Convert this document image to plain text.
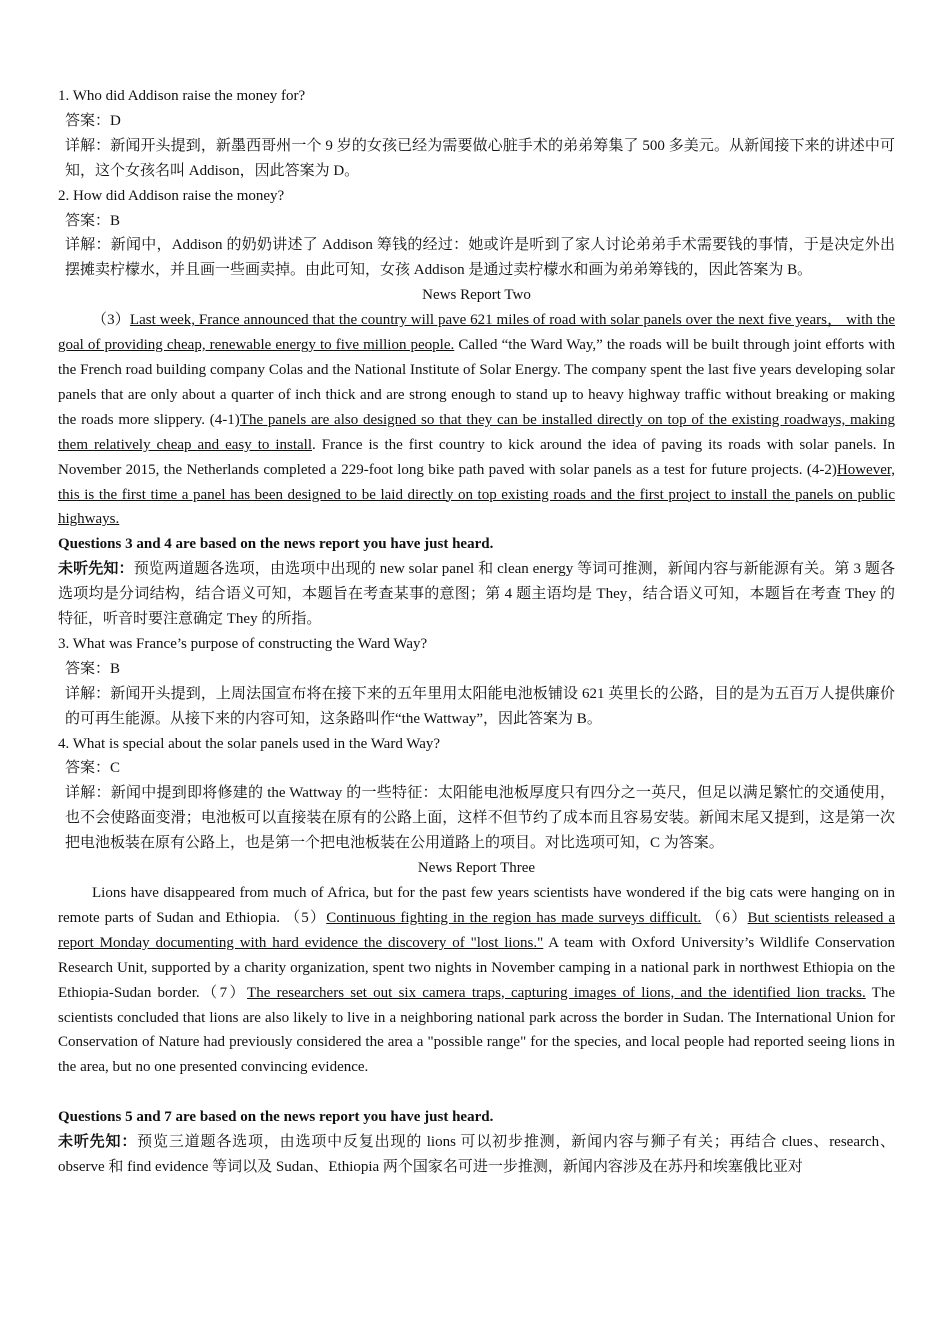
1. Who did Addison raise the money for?
答案：D
详解：新闻开头提到，新墨西哥州一个 9 岁的女孩已经为需要做心脏手术的弟弟筹集了 500 多美元。从新闻接下来的讲述中可知，这个女孩名叫 Addison，因此答案为 D。
2. How did Addison raise the money?
答案：B
详解：新闻中，Addison 的奶奶讲述了 Addison 筹钱的经过：她或许是听到了家人讨论弟弟手术需要钱的事情，于是决定外出摆摊卖柠檬水，并且画一些画卖掉。由此可知，女孩 Addison 是通过卖柠檬水和画为弟弟筹钱的，因此答案为 B。
News Report Two
（3）Last week, France announced that the country will pave 621 miles of road with solar panels over the next five years， with the goal of providing cheap, renewable energy to five million people. Called “the Ward Way,” the roads will be built through joint efforts with the French road building company Colas and the National Institute of Solar Energy. The company spent the last five years developing solar panels that are only about a quarter of inch thick and are strong enough to stand up to heavy highway traffic without breaking or making the roads more slippery. (4-1)The panels are also designed so that they can be installed directly on top of the existing roadways, making them relatively cheap and easy to install. France is the first country to kick around the idea of paving its roads with solar panels. In November 2015, the Netherlands completed a 229-foot long bike path paved with solar panels as a test for future projects. (4-2)However, this is the first time a panel has been designed to be laid directly on top existing roads and the first project to install the panels on public highways.
Questions 3 and 4 are based on the news report you have just heard.
未听先知：预览两道题各选项，由选项中出现的 new solar panel 和 clean energy 等词可推测，新闻内容与新能源有关。第 3 题各选项均是分词结构，结合语义可知，本题旨在考查某事的意图；第 4 题主语均是 They，结合语义可知，本题旨在考查 They 的特征，听音时要注意确定 They 的所指。
3. What was France’s purpose of constructing the Ward Way?
答案：B
详解：新闻开头提到，上周法国宣布将在接下来的五年里用太阳能电池板铺设 621 英里长的公路，目的是为五百万人提供廉价的可再生能源。从接下来的内容可知，这条路叫作“the Wattway”，因此答案为 B。
4. What is special about the solar panels used in the Ward Way?
答案：C
详解：新闻中提到即将修建的 the Wattway 的一些特征：太阳能电池板厚度只有四分之一英尺，但足以满足繁忙的交通使用，也不会使路面变滑；电池板可以直接装在原有的公路上面，这样不但节约了成本而且容易安装。新闻末尾又提到，这是第一次把电池板装在原有公路上，也是第一个把电池板装在公用道路上的项目。对比选项可知，C 为答案。
News Report Three
Lions have disappeared from much of Africa, but for the past few years scientists have wondered if the big cats were hanging on in remote parts of Sudan and Ethiopia. （5）Continuous fighting in the region has made surveys difficult. （6）But scientists released a report Monday documenting with hard evidence the discovery of "lost lions." A team with Oxford University’s Wildlife Conservation Research Unit, supported by a charity organization, spent two nights in November camping in a national park in northwest Ethiopia on the Ethiopia-Sudan border.（7）The researchers set out six camera traps, capturing images of lions, and the identified lion tracks. The scientists concluded that lions are also likely to live in a neighboring national park across the border in Sudan. The International Union for Conservation of Nature had previously considered the area a "possible range" for the species, and local people had reported seeing lions in the area, but no one presented convincing evidence.
Questions 5 and 7 are based on the news report you have just heard.
未听先知：预览三道题各选项，由选项中反复出现的 lions 可以初步推测，新闻内容与狮子有关；再结合 clues、research、observe 和 find evidence 等词以及 Sudan、Ethiopia 两个国家名可进一步推测，新闻内容涉及在苏丹和埃塞俄比亚对
